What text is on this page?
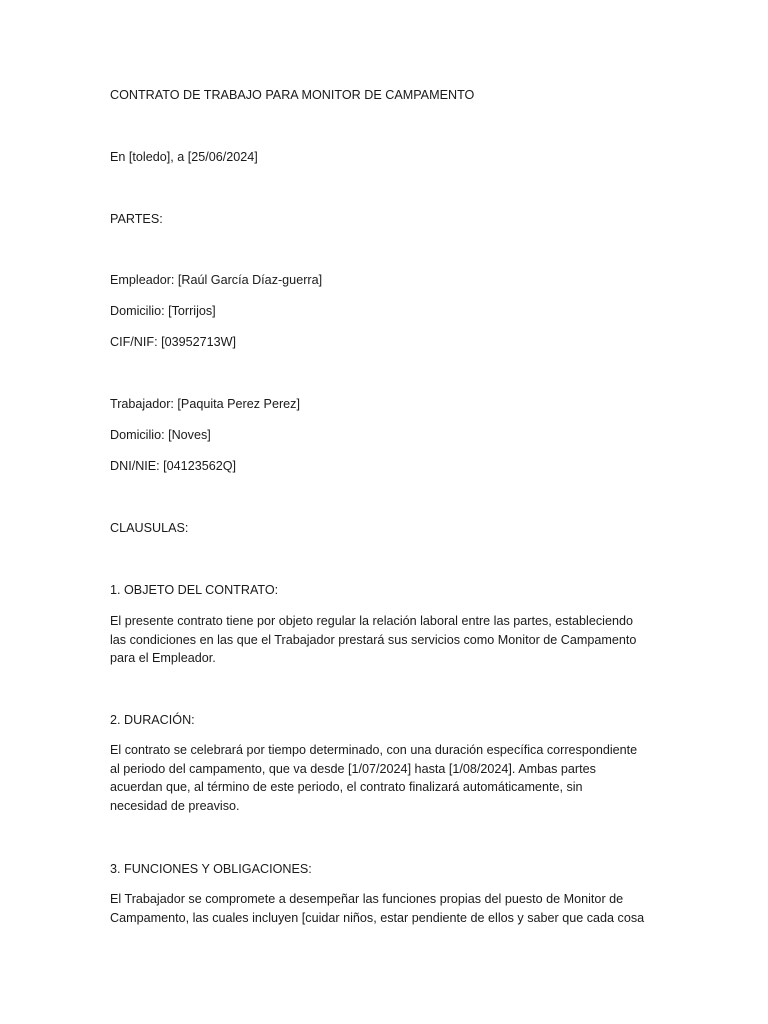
CONTRATO DE TRABAJO PARA MONITOR DE CAMPAMENTO

En [toledo], a [25/06/2024]

PARTES:

Empleador: [Raúl García Díaz-guerra]

Domicilio: [Torrijos]

CIF/NIF: [03952713W]

Trabajador: [Paquita Perez Perez]

Domicilio: [Noves]

DNI/NIE: [04123562Q]

CLAUSULAS:

1. OBJETO DEL CONTRATO:

El presente contrato tiene por objeto regular la relación laboral entre las partes, estableciendo
las condiciones en las que el Trabajador prestará sus servicios como Monitor de Campamento
para el Empleador.

2. DURACIÓN:

El contrato se celebrará por tiempo determinado, con una duración específica correspondiente
al periodo del campamento, que va desde [1/07/2024] hasta [1/08/2024]. Ambas partes
acuerdan que, al término de este periodo, el contrato finalizará automáticamente, sin
necesidad de preaviso.

3. FUNCIONES Y OBLIGACIONES:

El Trabajador se compromete a desempeñar las funciones propias del puesto de Monitor de
Campamento, las cuales incluyen [cuidar niños, estar pendiente de ellos y saber que cada cosa
